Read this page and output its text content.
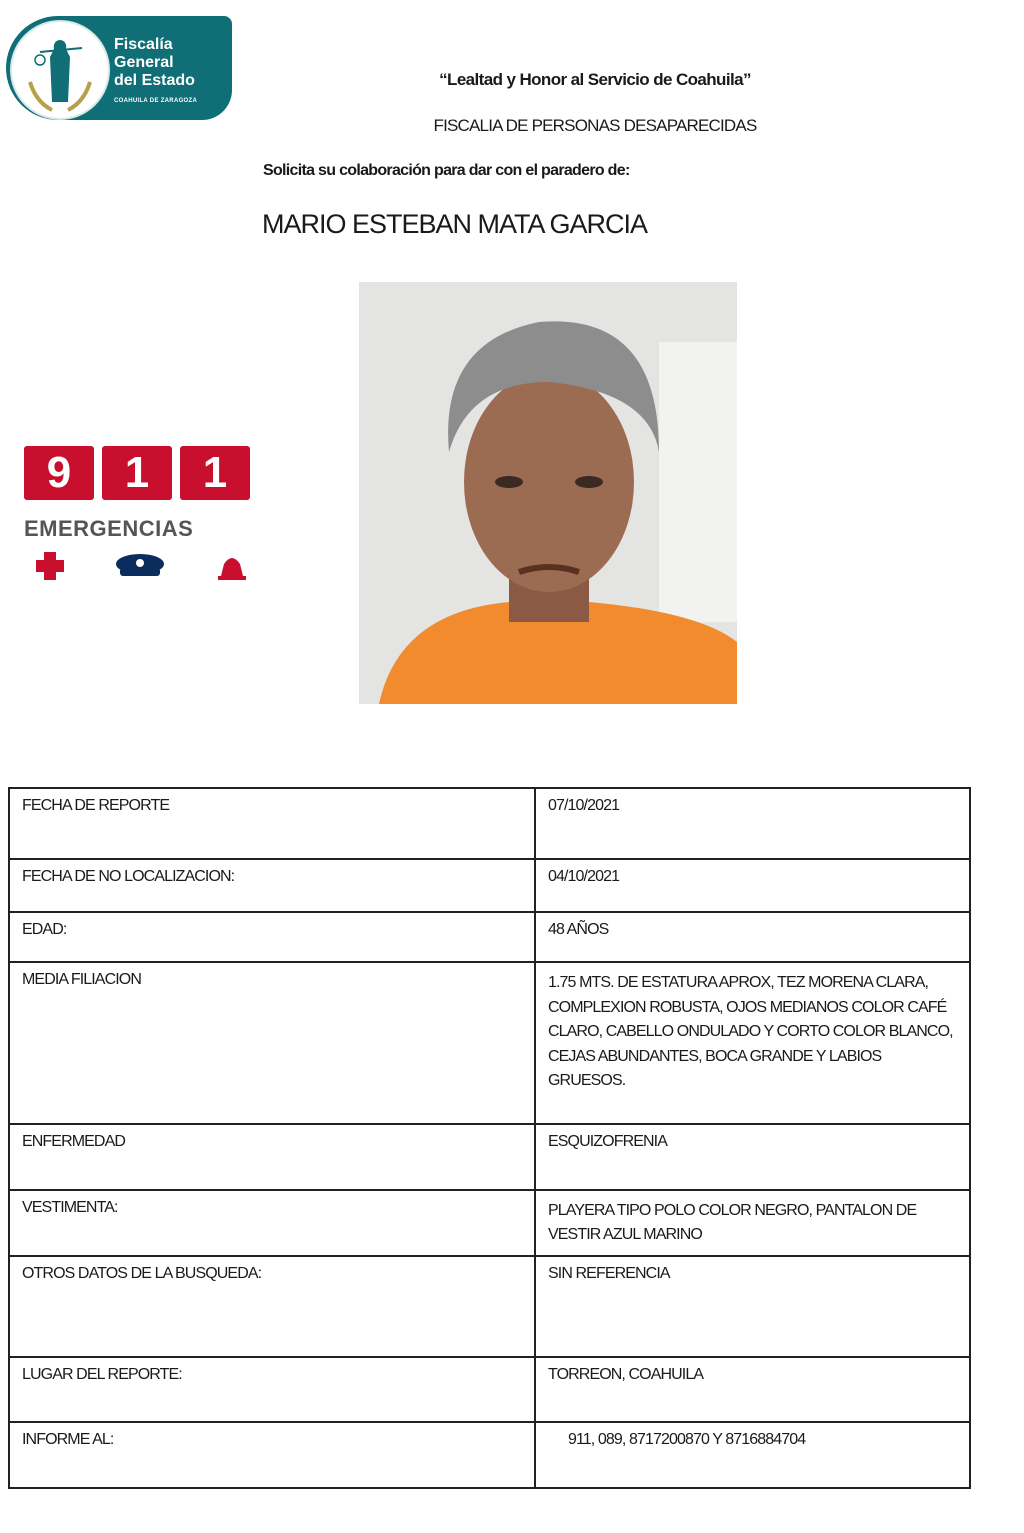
Fiscalía
General
del Estado
COAHUILA DE ZARAGOZA
“Lealtad y Honor al Servicio de Coahuila”
FISCALIA DE PERSONAS DESAPARECIDAS
Solicita su colaboración para dar con el paradero de:
MARIO ESTEBAN MATA GARCIA
9	1	1
EMERGENCIAS
FECHA DE REPORTE	07/10/2021
FECHA DE NO LOCALIZACION:	04/10/2021
EDAD:	48 AÑOS
MEDIA FILIACION	1.75 MTS. DE ESTATURA APROX, TEZ MORENA CLARA, COMPLEXION ROBUSTA, OJOS MEDIANOS COLOR CAFÉ CLARO, CABELLO ONDULADO Y CORTO COLOR BLANCO, CEJAS ABUNDANTES, BOCA GRANDE Y LABIOS GRUESOS.
ENFERMEDAD	ESQUIZOFRENIA
VESTIMENTA:	PLAYERA TIPO POLO COLOR NEGRO, PANTALON DE VESTIR AZUL MARINO
OTROS DATOS DE LA BUSQUEDA:	SIN REFERENCIA
LUGAR DEL REPORTE:	TORREON, COAHUILA
INFORME AL:	911, 089, 8717200870 Y 8716884704
